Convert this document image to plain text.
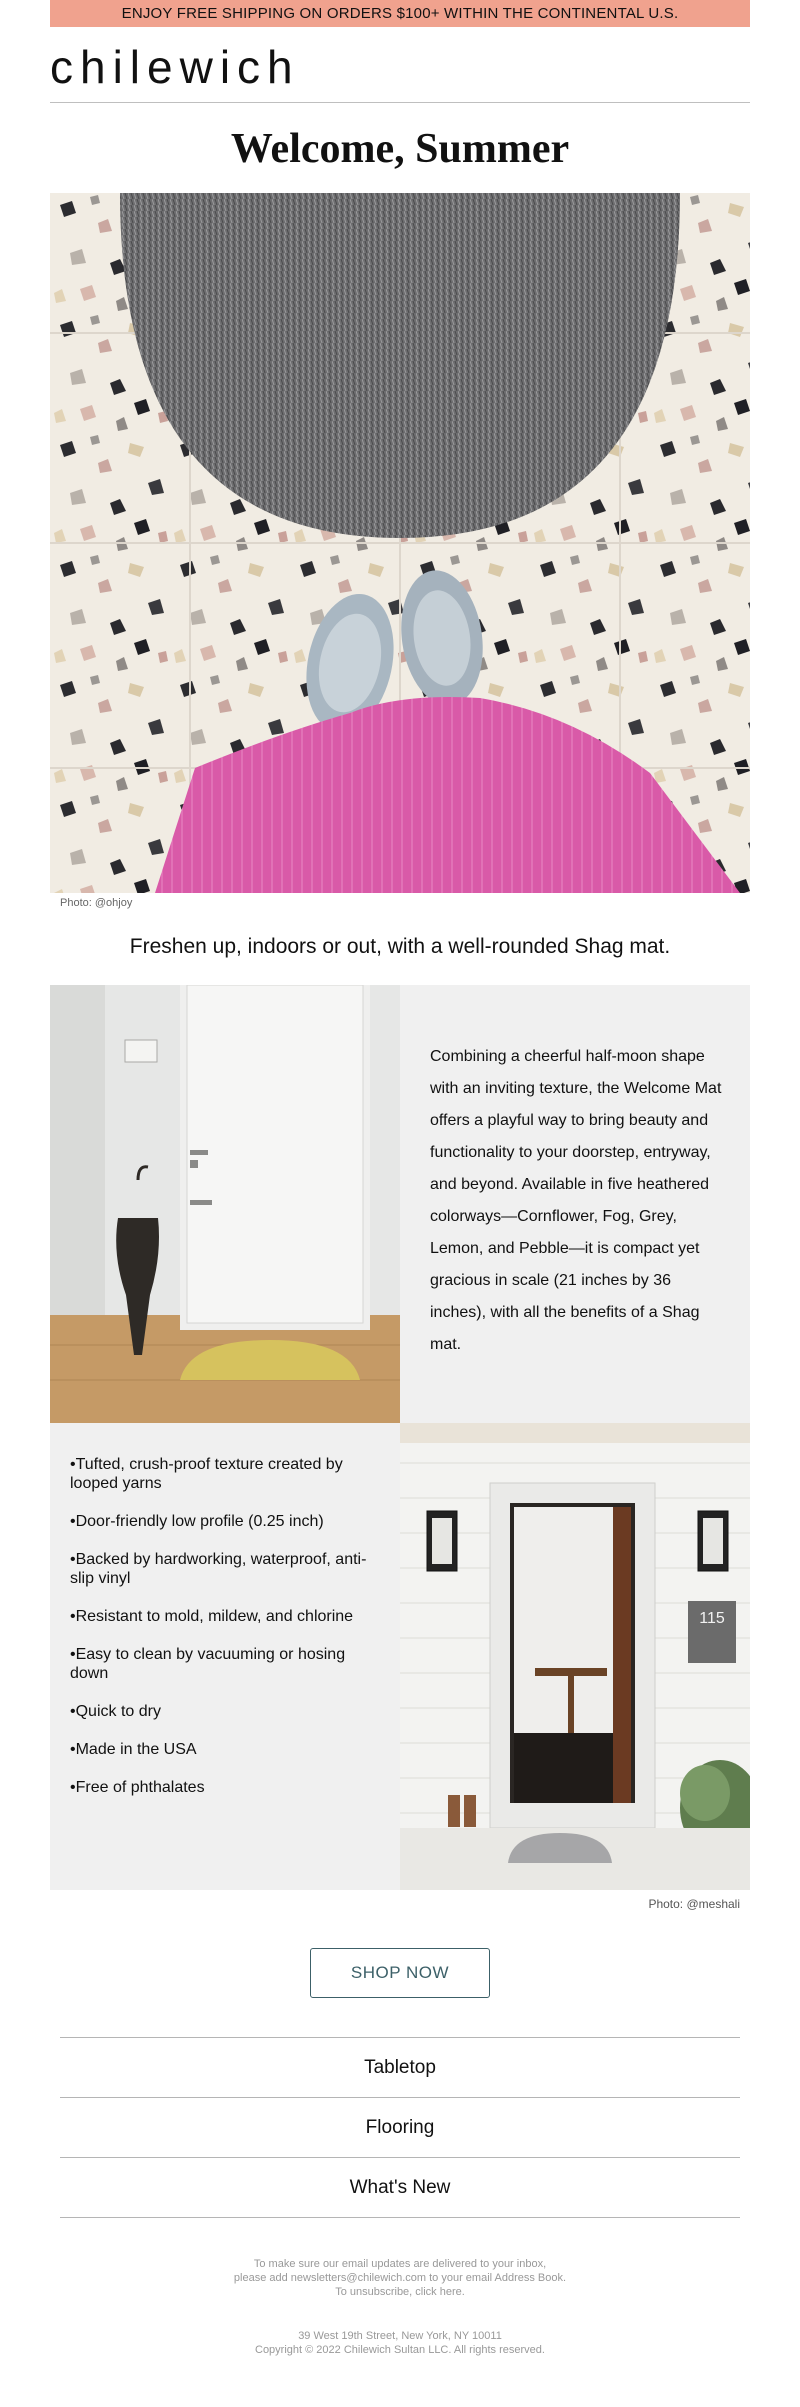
ENJOY FREE SHIPPING ON ORDERS $100+ WITHIN THE CONTINENTAL U.S.
chilewich
Welcome, Summer
Photo: @ohjoy
Freshen up, indoors or out, with a well-rounded Shag mat.

Combining a cheerful half-moon shape with an inviting texture, the Welcome Mat offers a playful way to bring beauty and functionality to your doorstep, entryway, and beyond. Available in five heathered colorways—Cornflower, Fog, Grey, Lemon, and Pebble—it is compact yet gracious in scale (21 inches by 36 inches), with all the benefits of a Shag mat.

•Tufted, crush-proof texture created by looped yarns
•Door-friendly low profile (0.25 inch)
•Backed by hardworking, waterproof, anti-slip vinyl
•Resistant to mold, mildew, and chlorine
•Easy to clean by vacuuming or hosing down
•Quick to dry
•Made in the USA
•Free of phthalates
115
Photo: @meshali
SHOP NOW
Tabletop
Flooring
What's New
To make sure our email updates are delivered to your inbox,
please add newsletters@chilewich.com to your email Address Book.
To unsubscribe, click here.
39 West 19th Street, New York, NY 10011
Copyright © 2022 Chilewich Sultan LLC. All rights reserved.
